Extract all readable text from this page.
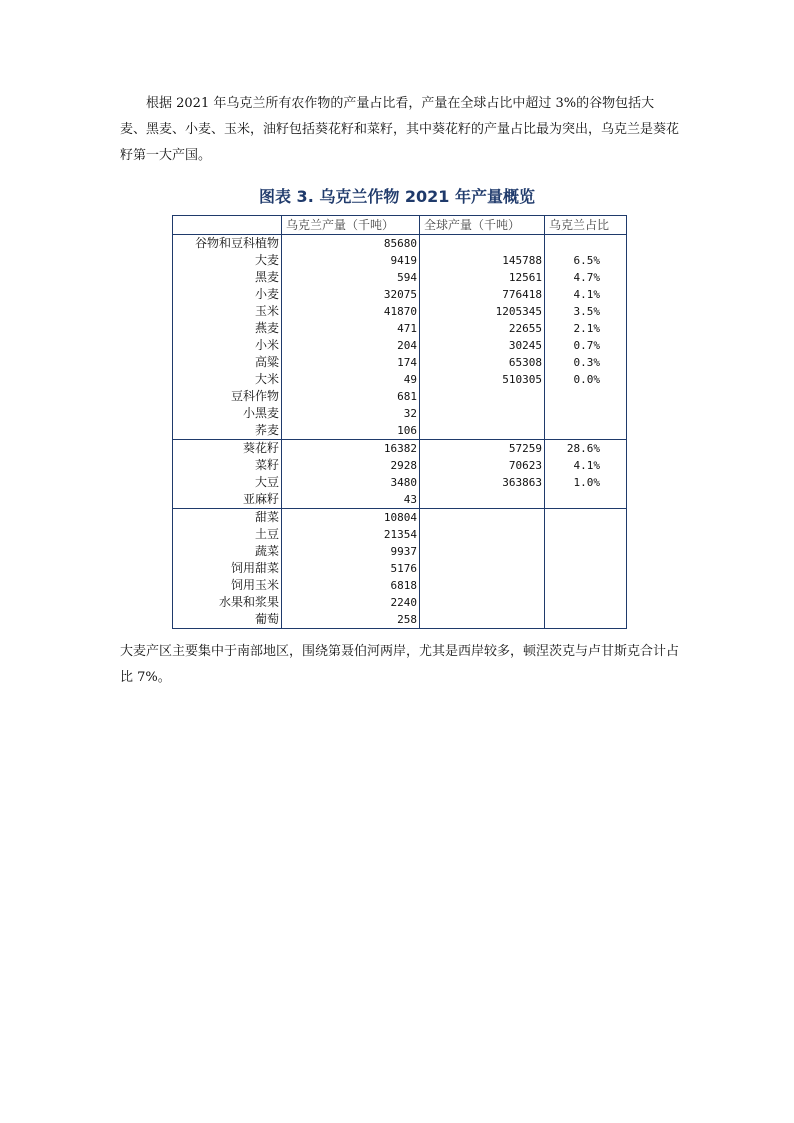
根据 2021 年乌克兰所有农作物的产量占比看，产量在全球占比中超过 3%的谷物包括大麦、黑麦、小麦、玉米，油籽包括葵花籽和菜籽，其中葵花籽的产量占比最为突出，乌克兰是葵花籽第一大产国。

图表 3. 乌克兰作物 2021 年产量概览
	乌克兰产量（千吨）	全球产量（千吨）	乌克兰占比
谷物和豆科植物	85680		
大麦	9419	145788	6.5%
黑麦	594	12561	4.7%
小麦	32075	776418	4.1%
玉米	41870	1205345	3.5%
燕麦	471	22655	2.1%
小米	204	30245	0.7%
高粱	174	65308	0.3%
大米	49	510305	0.0%
豆科作物	681		
小黑麦	32		
荞麦	106		
葵花籽	16382	57259	28.6%
菜籽	2928	70623	4.1%
大豆	3480	363863	1.0%
亚麻籽	43		
甜菜	10804		
土豆	21354		
蔬菜	9937		
饲用甜菜	5176		
饲用玉米	6818		
水果和浆果	2240		
葡萄	258		

大麦产区主要集中于南部地区，围绕第聂伯河两岸，尤其是西岸较多，顿涅茨克与卢甘斯克合计占比 7%。
